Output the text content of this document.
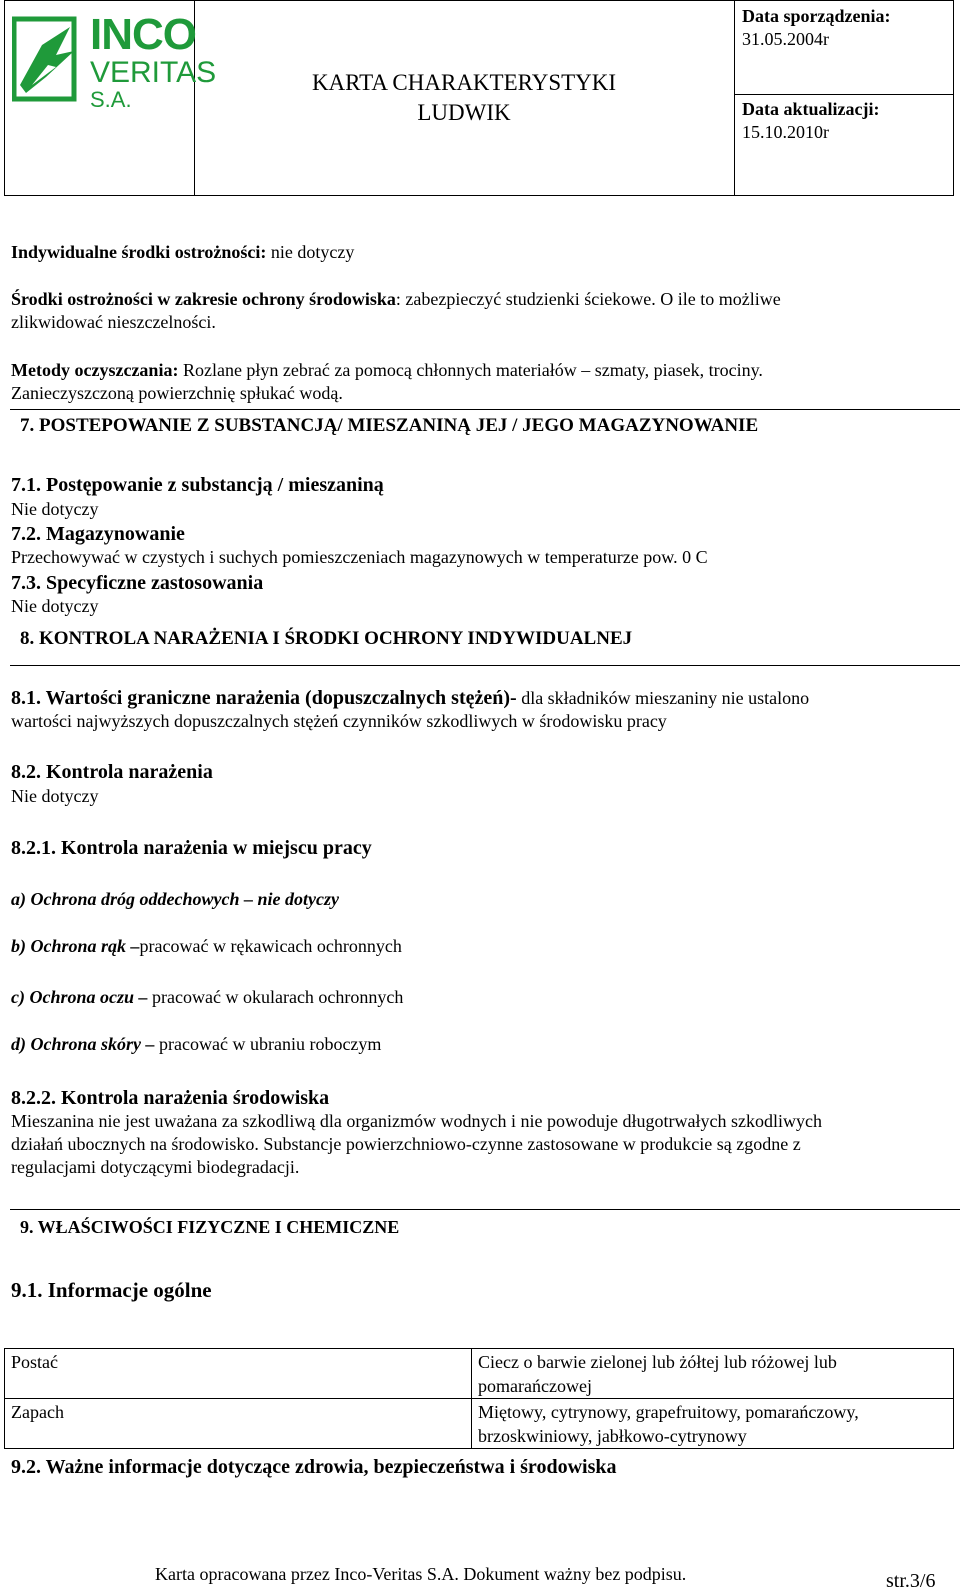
INCO
VERITAS
S.A.
KARTA CHARAKTERYSTYKI
LUDWIK
Data sporządzenia:
31.05.2004r
Data aktualizacji:
15.10.2010r
Indywidualne środki ostrożności: nie dotyczy
Środki ostrożności w zakresie ochrony środowiska: zabezpieczyć studzienki ściekowe. O ile to możliwe
zlikwidować nieszczelności.
Metody oczyszczania: Rozlane płyn zebrać za pomocą chłonnych materiałów – szmaty, piasek, trociny.
Zanieczyszczoną powierzchnię spłukać wodą.
7. POSTEPOWANIE Z SUBSTANCJĄ/ MIESZANINĄ JEJ / JEGO MAGAZYNOWANIE
7.1. Postępowanie z substancją / mieszaniną
Nie dotyczy
7.2. Magazynowanie
Przechowywać w czystych i suchych pomieszczeniach magazynowych w temperaturze pow. 0 C
7.3. Specyficzne zastosowania
Nie dotyczy
8. KONTROLA NARAŻENIA I ŚRODKI OCHRONY INDYWIDUALNEJ
8.1. Wartości graniczne narażenia (dopuszczalnych stężeń)- dla składników mieszaniny nie ustalono
wartości najwyższych dopuszczalnych stężeń czynników szkodliwych w środowisku pracy
8.2. Kontrola narażenia
Nie dotyczy
8.2.1. Kontrola narażenia w miejscu pracy
a) Ochrona dróg oddechowych – nie dotyczy
b) Ochrona rąk –pracować w rękawicach ochronnych
c) Ochrona oczu – pracować w okularach ochronnych
d) Ochrona skóry – pracować w ubraniu roboczym
8.2.2. Kontrola narażenia środowiska
Mieszanina nie jest uważana za szkodliwą dla organizmów wodnych i nie powoduje długotrwałych szkodliwych
działań ubocznych na środowisko. Substancje powierzchniowo-czynne zastosowane w produkcie są zgodne z
regulacjami dotyczącymi biodegradacji.
9. WŁAŚCIWOŚCI FIZYCZNE I CHEMICZNE
9.1. Informacje ogólne
Postać	Ciecz o barwie zielonej lub żółtej lub różowej lub pomarańczowej
Zapach	Miętowy, cytrynowy, grapefruitowy, pomarańczowy, brzoskwiniowy, jabłkowo-cytrynowy
9.2. Ważne informacje dotyczące zdrowia, bezpieczeństwa i środowiska
Karta opracowana przez Inco-Veritas S.A. Dokument ważny bez podpisu.	str.3/6
